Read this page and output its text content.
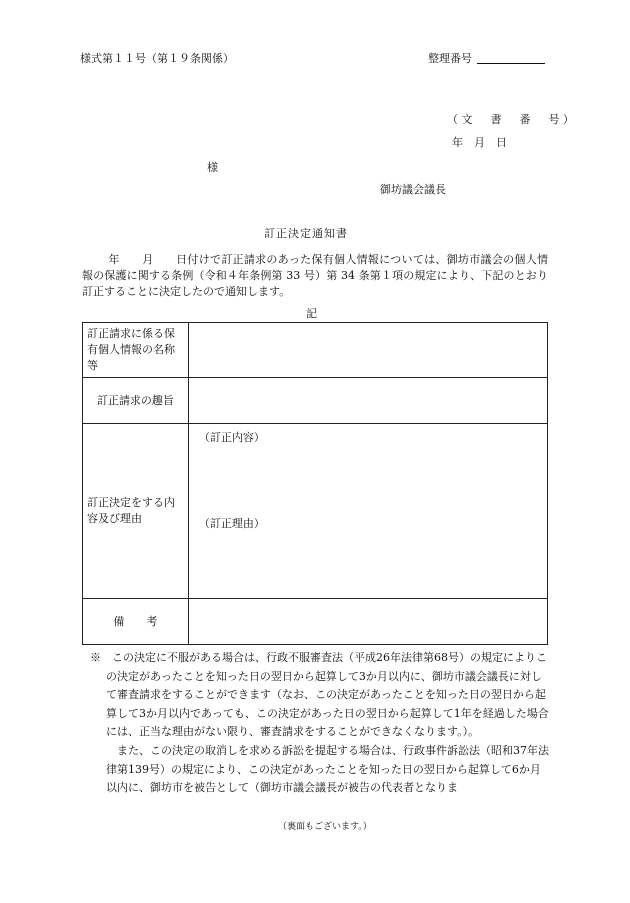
様式第１１号（第１９条関係）	整理番号
（文　書　番　号）
年　月　日
様
御坊議会議長
訂正決定通知書

年　　月　　日付けで訂正請求のあった保有個人情報については、御坊市議会の個人情報の保護に関する条例（令和４年条例第 33 号）第 34 条第１項の規定により、下記のとおり訂正することに決定したので通知します。

記
訂正請求に係る保有個人情報の名称等	
訂正請求の趣旨	
訂正決定をする内容及び理由	（訂正内容）
（訂正理由）

備　　考	

※　 この決定に不服がある場合は、行政不服審査法（平成26年法律第68号）の規定によりこの決定があったことを知った日の翌日から起算して3か月以内に、御坊市議会議長に対して審査請求をすることができます（なお、この決定があったことを知った日の翌日から起算して3か月以内であっても、この決定があった日の翌日から起算して1年を経過した場合には、正当な理由がない限り、審査請求をすることができなくなります。）。

　また、この決定の取消しを求める訴訟を提起する場合は、行政事件訴訟法（昭和37年法律第139号）の規定により、この決定があったことを知った日の翌日から起算して6か月以内に、御坊市を被告として（御坊市議会議長が被告の代表者となりま

（裏面もございます。）
